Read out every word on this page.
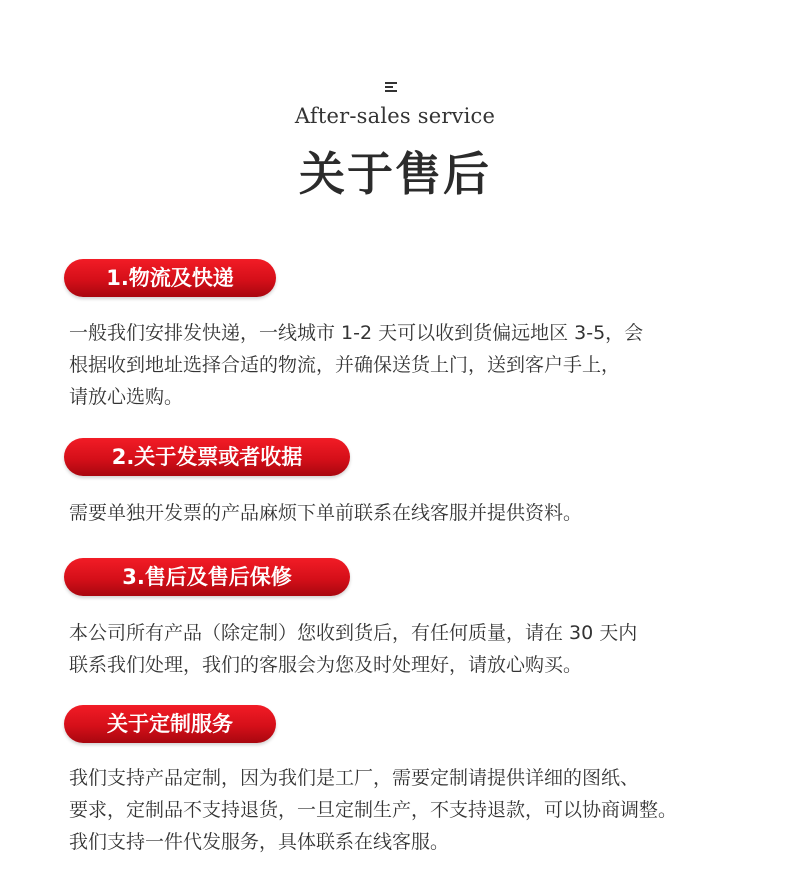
After-sales service
关于售后
1.物流及快递
一般我们安排发快递，一线城市 1-2 天可以收到货偏远地区 3-5，会
根据收到地址选择合适的物流，并确保送货上门，送到客户手上，
请放心选购。
2.关于发票或者收据
需要单独开发票的产品麻烦下单前联系在线客服并提供资料。
3.售后及售后保修
本公司所有产品（除定制）您收到货后，有任何质量，请在 30 天内
联系我们处理，我们的客服会为您及时处理好，请放心购买。
关于定制服务
我们支持产品定制，因为我们是工厂，需要定制请提供详细的图纸、
要求，定制品不支持退货，一旦定制生产，不支持退款，可以协商调整。
我们支持一件代发服务，具体联系在线客服。
